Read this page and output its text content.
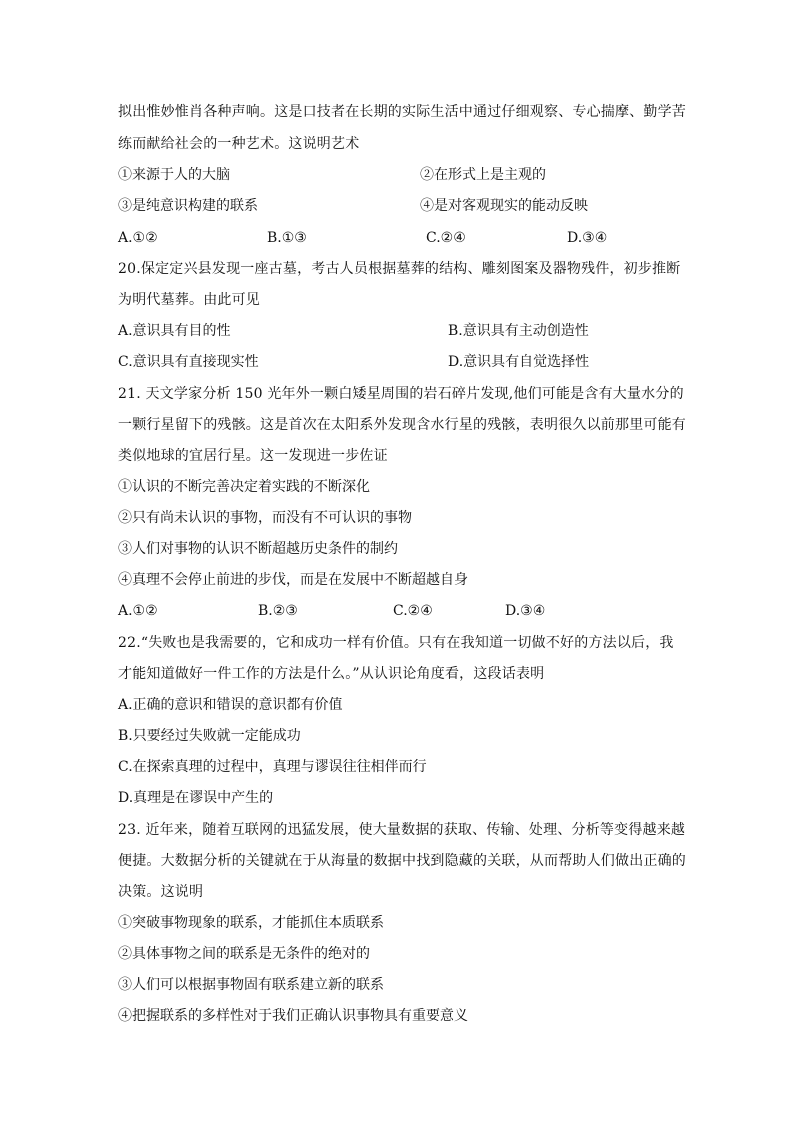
拟出惟妙惟肖各种声响。这是口技者在长期的实际生活中通过仔细观察、专心揣摩、勤学苦
练而献给社会的一种艺术。这说明艺术
①来源于人的大脑	②在形式上是主观的
③是纯意识构建的联系	④是对客观现实的能动反映
A.①②	B.①③	C.②④	D.③④
20.保定定兴县发现一座古墓，考古人员根据墓葬的结构、雕刻图案及器物残件，初步推断
为明代墓葬。由此可见
A.意识具有目的性	B.意识具有主动创造性
C.意识具有直接现实性	D.意识具有自觉选择性
21. 天文学家分析 150 光年外一颗白矮星周围的岩石碎片发现,他们可能是含有大量水分的
一颗行星留下的残骸。这是首次在太阳系外发现含水行星的残骸，表明很久以前那里可能有
类似地球的宜居行星。这一发现进一步佐证
①认识的不断完善决定着实践的不断深化
②只有尚未认识的事物，而没有不可认识的事物
③人们对事物的认识不断超越历史条件的制约
④真理不会停止前进的步伐，而是在发展中不断超越自身
A.①②	B.②③	C.②④	D.③④
22.“失败也是我需要的，它和成功一样有价值。只有在我知道一切做不好的方法以后，我
才能知道做好一件工作的方法是什么。”从认识论角度看，这段话表明
A.正确的意识和错误的意识都有价值
B.只要经过失败就一定能成功
C.在探索真理的过程中，真理与谬误往往相伴而行
D.真理是在谬误中产生的
23. 近年来，随着互联网的迅猛发展，使大量数据的获取、传输、处理、分析等变得越来越
便捷。大数据分析的关键就在于从海量的数据中找到隐藏的关联，从而帮助人们做出正确的
决策。这说明
①突破事物现象的联系，才能抓住本质联系
②具体事物之间的联系是无条件的绝对的
③人们可以根据事物固有联系建立新的联系
④把握联系的多样性对于我们正确认识事物具有重要意义
